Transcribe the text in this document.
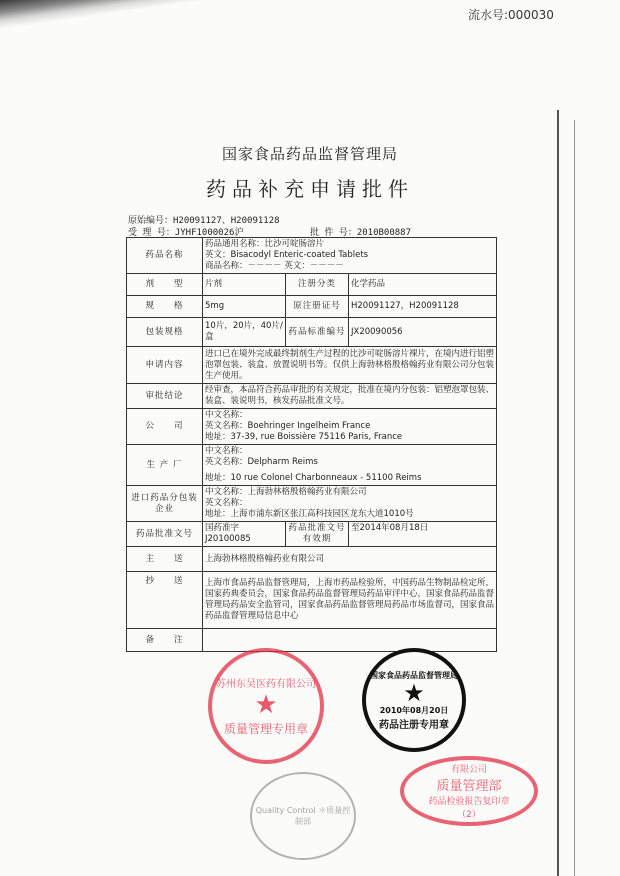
流水号:000030
国家食品药品监督管理局
药品补充申请批件
原始编号：H20091127、H20091128
受 理 号：JYHF1000026沪	批 件 号：2010B00887
药品名称	药品通用名称：比沙可啶肠溶片
英文：Bisacodyl Enteric-coated Tablets
商品名称：－－－－ 英文：－－－－		

剂　　型	片剂	注册分类	化学药品
规　　格	5mg	原注册证号	H20091127，H20091128
包装规格	10片，20片，40片/盒	药品标准编号	JX20090056
申请内容	进口已在境外完成最终制剂生产过程的比沙可啶肠溶片裸片，在境内进行铝塑泡罩包装、装盒、放置说明书等。仅供上海勃林格殷格翰药业有限公司分包装生产使用。		
审批结论	经审查，本品符合药品审批的有关规定，批准在境内分包装：铝塑泡罩包装、装盒、装说明书，核发药品批准文号。		
公　　司	中文名称：
英文名称：Boehringer Ingelheim France
地址：37-39, rue Boissière 75116 Paris, France		

生 产 厂	中文名称：
英文名称：Delpharm Reims
地址：10 rue Colonel Charbonneaux - 51100 Reims		

进口药品分包装企业	中文名称：上海勃林格殷格翰药业有限公司
英文名称：
地址：上海市浦东新区张江高科技园区龙东大道1010号		

药品批准文号	国药准字J20100085	药品批准文号有效期	至2014年08月18日
主　　送	上海勃林格殷格翰药业有限公司		
抄　　送	上海市食品药品监督管理局，上海市药品检验所，中国药品生物制品检定所，国家药典委员会，国家食品药品监督管理局药品审评中心，国家食品药品监督管理局药品安全监管司，国家食品药品监督管理局药品市场监督司，国家食品药品监督管理局信息中心		
备　　注			
苏州东吴医药有限公司
★
质量管理专用章
国家食品药品监督管理局
★
2010年08月20日
药品注册专用章
有限公司
质量管理部
药品检验报告复印章
（2）
Quality Control ＊质量控制部
